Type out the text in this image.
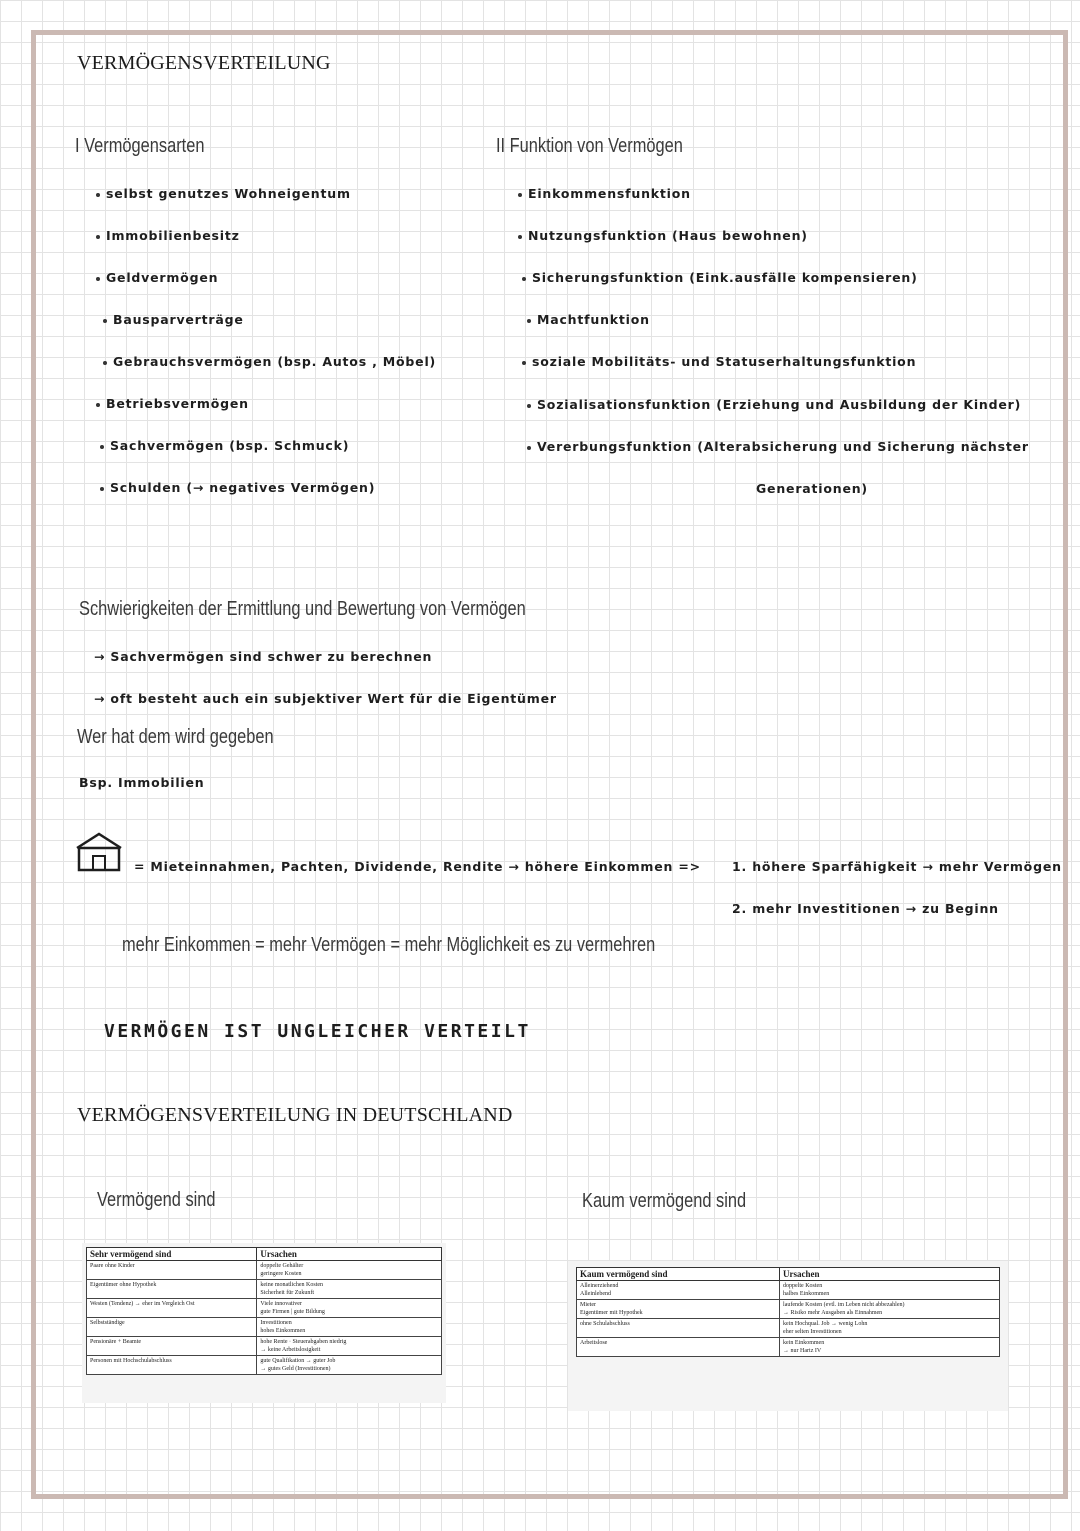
VERMÖGENSVERTEILUNG
I Vermögensarten
selbst genutzes Wohneigentum
Immobilienbesitz
Geldvermögen
Bausparverträge
Gebrauchsvermögen (bsp. Autos , Möbel)
Betriebsvermögen
Sachvermögen (bsp. Schmuck)
Schulden (→ negatives Vermögen)
II Funktion von Vermögen
Einkommensfunktion
Nutzungsfunktion (Haus bewohnen)
Sicherungsfunktion (Eink.ausfälle kompensieren)
Machtfunktion
soziale Mobilitäts- und Statuserhaltungsfunktion
Sozialisationsfunktion (Erziehung und Ausbildung der Kinder)
Vererbungsfunktion (Alterabsicherung und Sicherung nächster
Generationen)
Schwierigkeiten der Ermittlung und Bewertung von Vermögen
→ Sachvermögen sind schwer zu berechnen
→ oft besteht auch ein subjektiver Wert für die Eigentümer
Wer hat dem wird gegeben
Bsp. Immobilien
= Mieteinnahmen, Pachten, Dividende, Rendite → höhere Einkommen => 1. höhere Sparfähigkeit → mehr Vermögen
2. mehr Investitionen → zu Beginn
mehr Einkommen = mehr Vermögen = mehr Möglichkeit es zu vermehren
VERMÖGEN IST UNGLEICHER VERTEILT
VERMÖGENSVERTEILUNG IN DEUTSCHLAND
Vermögend sind	Kaum vermögend sind
Sehr vermögend sind	Ursachen
Paare ohne Kinder	doppelte Gehälter
geringere Kosten
Eigentümer ohne Hypothek	keine monatlichen Kosten
Sicherheit für Zukunft
Westen (Tendenz) → eher im Vergleich Ost	Viele innovativer
gute Firmen | gute Bildung
Selbstständige	Investitionen
hohes Einkommen
Pensionäre + Beamte	hohe Rente · Steuerabgaben niedrig
→ keine Arbeitslosigkeit
Personen mit Hochschulabschluss	gute Qualifikation → guter Job
→ gutes Geld (Investitionen)
Kaum vermögend sind	Ursachen
Alleinerziehend
Alleinlebend	doppelte Kosten
halbes Einkommen
Mieter
Eigentümer mit Hypothek	laufende Kosten (evtl. im Leben nicht abbezahlen)
→ Risiko mehr Ausgaben als Einnahmen
ohne Schulabschluss	kein Hochqual. Job → wenig Lohn
eher selten Investitionen
Arbeitslose	kein Einkommen
→ nur Hartz IV
